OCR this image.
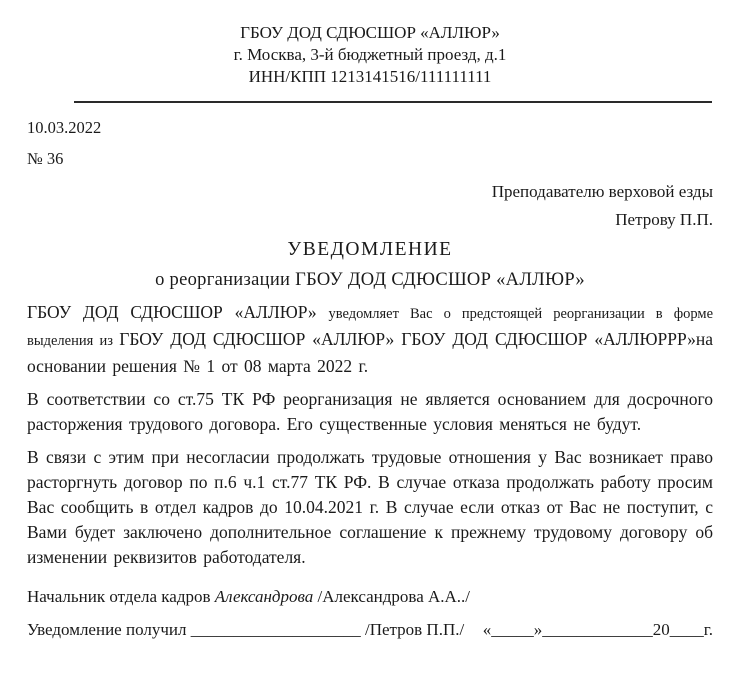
ГБОУ ДОД СДЮСШОР «АЛЛЮР»
г. Москва, 3-й бюджетный проезд, д.1
ИНН/КПП 1213141516/111111111
10.03.2022
№ 36
Преподавателю верховой езды
Петрову П.П.
УВЕДОМЛЕНИЕ
о реорганизации ГБОУ ДОД СДЮСШОР «АЛЛЮР»

ГБОУ ДОД СДЮСШОР «АЛЛЮР» уведомляет Вас о предстоящей реорганизации в форме выделения из ГБОУ ДОД СДЮСШОР «АЛЛЮР» ГБОУ ДОД СДЮСШОР «АЛЛЮРРР»на основании решения № 1 от 08 марта 2022 г.

В соответствии со ст.75 ТК РФ реорганизация не является основанием для досрочного расторжения трудового договора. Его существенные условия меняться не будут.

В связи с этим при несогласии продолжать трудовые отношения у Вас возникает право расторгнуть договор по п.6 ч.1 ст.77 ТК РФ. В случае отказа продолжать работу просим Вас сообщить в отдел кадров до 10.04.2021 г. В случае если отказ от Вас не поступит, с Вами будет заключено дополнительное соглашение к прежнему трудовому договору об изменении реквизитов работодателя.

Начальник отдела кадров Александрова /Александрова А.А../
Уведомление получил ____________________ /Петров П.П./ «_____»_____________20____г.
